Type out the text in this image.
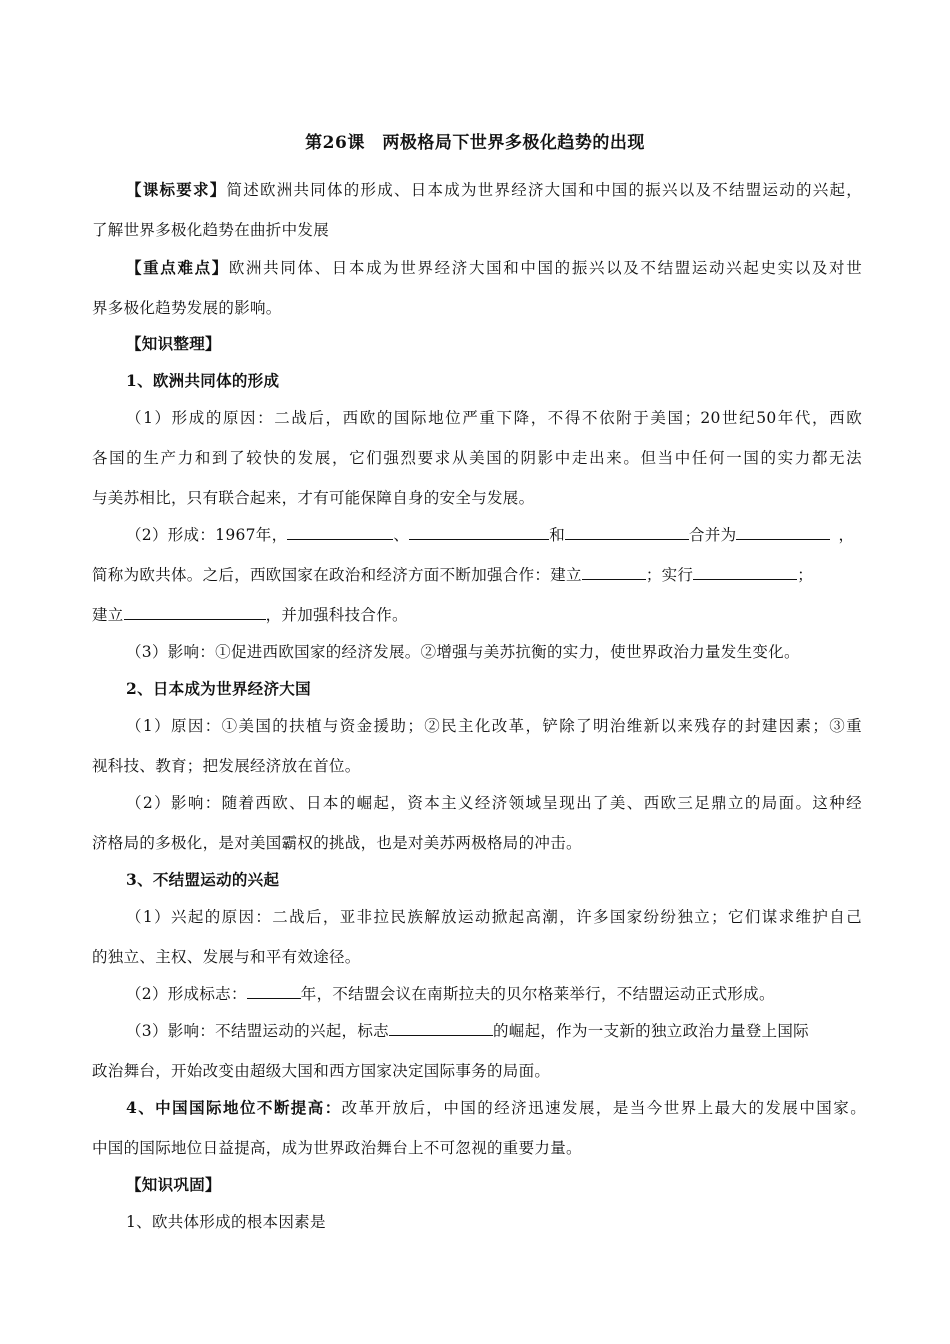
第26课　两极格局下世界多极化趋势的出现
【课标要求】简述欧洲共同体的形成、日本成为世界经济大国和中国的振兴以及不结盟运动的兴起，
了解世界多极化趋势在曲折中发展
【重点难点】欧洲共同体、日本成为世界经济大国和中国的振兴以及不结盟运动兴起史实以及对世
界多极化趋势发展的影响。
【知识整理】
1、欧洲共同体的形成
（1）形成的原因：二战后，西欧的国际地位严重下降，不得不依附于美国；20世纪50年代，西欧
各国的生产力和到了较快的发展，它们强烈要求从美国的阴影中走出来。但当中任何一国的实力都无法
与美苏相比，只有联合起来，才有可能保障自身的安全与发展。
（2）形成：1967年，	、	和	合并为	，
简称为欧共体。之后，西欧国家在政治和经济方面不断加强合作：建立	；实行	；
建立	，并加强科技合作。
（3）影响：①促进西欧国家的经济发展。②增强与美苏抗衡的实力，使世界政治力量发生变化。
2、日本成为世界经济大国
（1）原因：①美国的扶植与资金援助；②民主化改革，铲除了明治维新以来残存的封建因素；③重
视科技、教育；把发展经济放在首位。
（2）影响：随着西欧、日本的崛起，资本主义经济领域呈现出了美、西欧三足鼎立的局面。这种经
济格局的多极化，是对美国霸权的挑战，也是对美苏两极格局的冲击。
3、不结盟运动的兴起
（1）兴起的原因：二战后，亚非拉民族解放运动掀起高潮，许多国家纷纷独立；它们谋求维护自己
的独立、主权、发展与和平有效途径。
（2）形成标志：	年，不结盟会议在南斯拉夫的贝尔格莱举行，不结盟运动正式形成。
（3）影响：不结盟运动的兴起，标志	的崛起，作为一支新的独立政治力量登上国际
政治舞台，开始改变由超级大国和西方国家决定国际事务的局面。
4、中国国际地位不断提高：改革开放后，中国的经济迅速发展，是当今世界上最大的发展中国家。
中国的国际地位日益提高，成为世界政治舞台上不可忽视的重要力量。
【知识巩固】
1、欧共体形成的根本因素是
